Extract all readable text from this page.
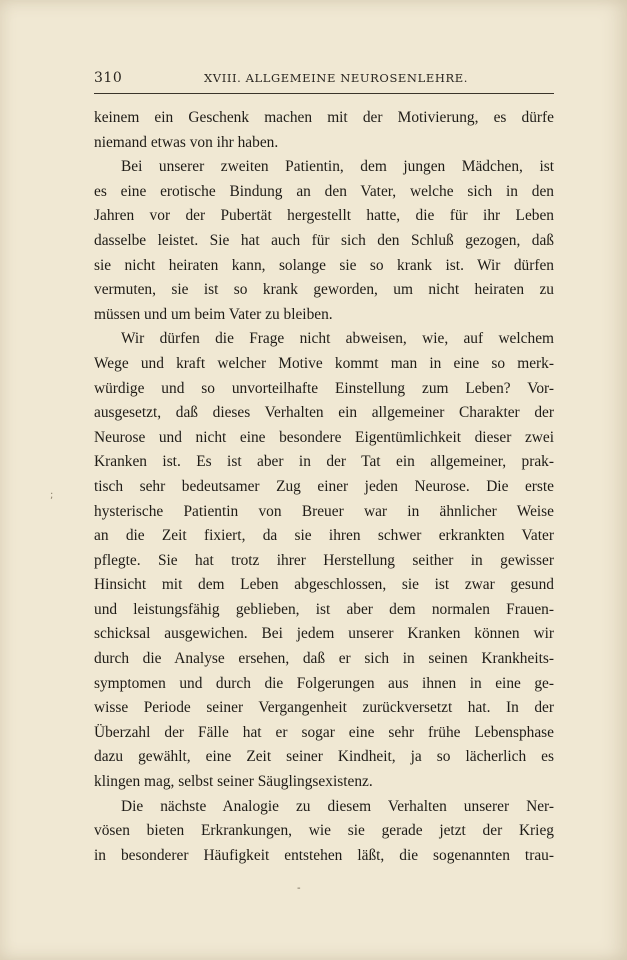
310	XVIII. ALLGEMEINE NEUROSENLEHRE.
keinem ein Geschenk machen mit der Motivierung, es dürfe
niemand etwas von ihr haben.
Bei unserer zweiten Patientin, dem jungen Mädchen, ist
es eine erotische Bindung an den Vater, welche sich in den
Jahren vor der Pubertät hergestellt hatte, die für ihr Leben
dasselbe leistet. Sie hat auch für sich den Schluß gezogen, daß
sie nicht heiraten kann, solange sie so krank ist. Wir dürfen
vermuten, sie ist so krank geworden, um nicht heiraten zu
müssen und um beim Vater zu bleiben.
Wir dürfen die Frage nicht abweisen, wie, auf welchem
Wege und kraft welcher Motive kommt man in eine so merk-
würdige und so unvorteilhafte Einstellung zum Leben? Vor-
ausgesetzt, daß dieses Verhalten ein allgemeiner Charakter der
Neurose und nicht eine besondere Eigentümlichkeit dieser zwei
Kranken ist. Es ist aber in der Tat ein allgemeiner, prak-
tisch sehr bedeutsamer Zug einer jeden Neurose. Die erste
hysterische Patientin von Breuer war in ähnlicher Weise
an die Zeit fixiert, da sie ihren schwer erkrankten Vater
pflegte. Sie hat trotz ihrer Herstellung seither in gewisser
Hinsicht mit dem Leben abgeschlossen, sie ist zwar gesund
und leistungsfähig geblieben, ist aber dem normalen Frauen-
schicksal ausgewichen. Bei jedem unserer Kranken können wir
durch die Analyse ersehen, daß er sich in seinen Krankheits-
symptomen und durch die Folgerungen aus ihnen in eine ge-
wisse Periode seiner Vergangenheit zurückversetzt hat. In der
Überzahl der Fälle hat er sogar eine sehr frühe Lebensphase
dazu gewählt, eine Zeit seiner Kindheit, ja so lächerlich es
klingen mag, selbst seiner Säuglingsexistenz.
Die nächste Analogie zu diesem Verhalten unserer Ner-
vösen bieten Erkrankungen, wie sie gerade jetzt der Krieg
in besonderer Häufigkeit entstehen läßt, die sogenannten trau-
;
-
